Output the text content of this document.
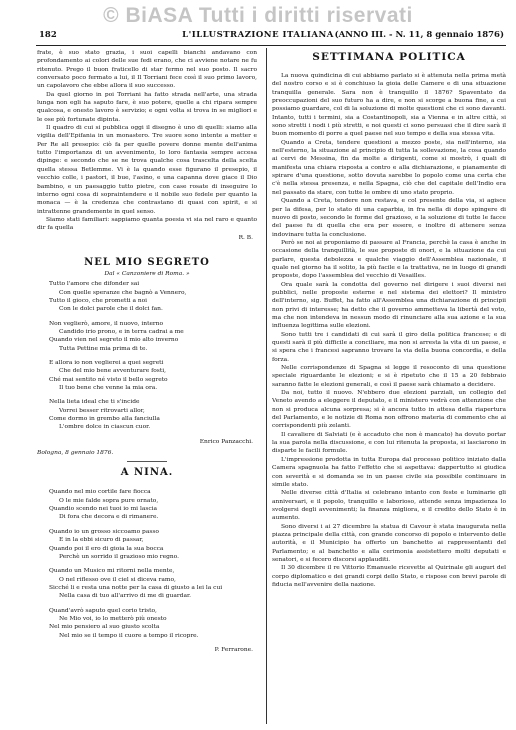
© BiASA Tutti i diritti riservati
182	L'ILLUSTRAZIONE ITALIANA (ANNO III. - N. 11, 8 gennaio 1876)

frate, è suo stato grazia, i suoi capelli bianchi andavano con profondamento ai colori delle sue fedi erano, che ci avviene notare ne fu ritenuto. Prego il buon fraticello di star fermo nel suo posto. Il sacro conversato poco fermato a lui, il Il Torriani fece così il suo primo lavoro, un capolavoro che ebbe allora il suo successo.

Da quel giorno in poi Torriani ha fatto strada nell'arte, una strada lunga non egli ha saputo fare, è suo potere, quelle a chi ripara sempre qualcosa, e onesto lavoro è servizio; e ogni volta si trova in se migliori e le ose più fortunate dipinta.

Il quadro di cui si pubblica oggi il disegno è uno di quelli: siamo alla vigilia dell'Epifania in un monastero. Tre suore sono intente a metter e Per Re all presepio: ciò fa per quelle povere donne mente dell'anima tutto l'importanza di un avvenimento, lo loro fantasia sempre accesa dipinge: e secondo che se ne trova qualche cosa trascelta della scelta quella stessa Betlemme. Vi è la quando esse figurano il presepio, il vecchio colle, i pastori, il bue, l'asino, e una capanna dove giace il Dio bambino, e un paesaggio tutto pietre, con case rosate di inseguire lo interno ogni cosa di sopraintendere e il nobile suo fedele per quanto la monaca — è la credenza che contrastano di quasi con spirit, e si intrattenne grandemente in quel senso.

Siamo stati familiari: sappiamo quanta poesia vi sia nel raro e quanto dir fa quella

R. B.
NEL MIO SEGRETO
Dal « Canzoniere di Roma. »
Tutto l'amore che difonder sai
Con quelle speranze che bagnò a Vennero,
Tutto il gioco, che prometti a noi
Con le dolci parole che il dolci fan.
Non veglierò, amore, il nuovo, interno
Candido irio prono, e in terra cadrai a me
Quando vien nel segreto il mio alto inverno
Tutta Pettine mia prima di te.
E allora io non veglierei a quei segreti
Che del mio bene avventurare fosti,
Ché mai sentito né visto il bello segreto
Il tuo bene che venne la mia ora.
Nella lieta ideal che ti s'incide
Vorrei besser ritrovarti allor,
Come dormo in grembo alla fanciulla
L'ombre dolce in ciascun cuor.
Enrico Panzacchi.
Bologna, 8 gennaio 1876.
A NINA.
Quando nel mio cortile fare fiocca
O le mie falde sopra pure ornato,
Quandio scendo nei tuoi io mi lascia
Di fora che decora e di rimanere.
Quando io un grosso siccoamo passo
E in la ebbi sicuro di passar,
Quando poi il ero di gioia la sua bocca
Perchè un sorrido il grazioso mio regno.
Quando un Musico mi ritorni nella mente,
O nel riflesso ove il ciel si diceva ramo,
Sicché li e resta una notte per la casa di giusto a lei la cui
Nella casa di tuo all'arrivo di me di guardar.
Quand'avrò saputo quel corio tristo,
Ne Mio voi, io lo metterò più onesto
Nel mio pensiero al suo giusto scolta
Nel mio se il tempo il cuore a tempo il ricopre.
P. Ferrarone.
SETTIMANA POLITICA

La nuova quindicina di cui abbiamo parlato si è attenuta nella prima metà del nostro corso e si è conchiuso la gioia delle Camere e di una situazione tranquilla generale. Sara non è tranquillo il 1876? Spaventato da preoccupazioni del suo futuro ha a dire, e non si scorge a buona fine, a cui possiamo guardare, col di la soluzione di molte questioni che ci sono davanti. Intanto, tutti i termini, sia a Costantinopoli, sia a Vienna e in altre città, si sono stretti i nodi i più stretti, e noi questi ci sono persuasi che il dire sarà il buon momento di porre a quel paese nel suo tempo e della sua stessa vita.

Quando a Creta, tendere questioni a mezzo poste, sia nell'interno, sia nell'esterno, la situazione al principio di tutta la sollevazione, la cosa quando ai cervi de Messina, fin da molte a dirigenti, come si mostrò, i quali di manifesta una chiara risposta a contro e alla dichiarazione, e pianamente di spirare d'una questione, sotto dovuta sarebbe lo popolo come una certa che c'è nella stessa presenza, e nella Spagna, ciò che del capitale dell'Indio era nel passato da stare, con tutte le ombre di uno stato proprio.

Quando a Creta, tendere non restava, e col presente della via, si agisce per la difesa, per lo stato di una caparbia, in fra nella di dopo spingere di nuovo di posto, secondo le forme del grazioso, e la soluzione di tutte le facce del paese fu di quella che era per essere, e inoltre di attenere senza indovinare tutta la conclusione.

Però se noi ai proponiamo di passare al Francia, perchè la casa è anche in occasione della tranquillità, le sue proposte di onori, e la situazione da cui parlare, questa debolezza e qualche viaggio dell'Assemblea nazionale, il quale nel giorno ha il solito, la più facile e la trattativa, ne in luogo di grandi proposte, dopo l'assemblea del vecchio di Vesailles.

Ora quale sarà la condotta del governo nel dirigere i suoi diversi nei pubblici, nelle proposte esterne e nel sistema dei elettori? Il ministro dell'interno, sig. Buffet, ha fatto all'Assemblea una dichiarazione di principii non privi di interesse; ha detto che il governo ammetteva la libertà del voto, ma che non intendeva in nessun modo di rinunciare alla sua azione e la sua influenza legittima sulle elezioni.

Sono tutti tre i candidati di cui sarà il giro della politica francese; e di questi sarà il più difficile a conciliare, ma non si arresta la vita di un paese, e si spera che i francesi sapranno trovare la via della buona concordia, e della forza.

Nelle corrispondenze di Spagna si legge il resoconto di una questione speciale riguardante le elezioni; e si è ripetuto che il 15 a 20 febbraio saranno fatte le elezioni generali, e così il paese sarà chiamato a decidere.

Da noi, tutto il nuovo. N'ebbero due elezioni parziali, un collegio del Veneto avendo a eleggere il deputato, e il ministero vedrà con attenzione che non si produca alcuna sorpresa; si è ancora tutto in attesa della riapertura del Parlamento, e le notizie di Roma non offrono materia di commento che ai corrispondenti più zelanti.

Il cavaliere di Salviati (e è accaduto che non è mancato) ha dovuto portar la sua parola nella discussione, e con lui ritenuta la proposta, si lasciarono in disparte le facili formule.

L'impressione prodotta in tutta Europa dal processo politico iniziato dalla Camera spagnuola ha fatto l'effetto che si aspettava: dappertutto si giudica con severità e si domanda se in un paese civile sia possibile continuare in simile stato.

Nelle diverse città d'Italia si celebrano intanto con feste e luminarie gli anniversari, e il popolo, tranquillo e laborioso, attende senza impazienza lo svolgersi degli avvenimenti; la finanza migliora, e il credito dello Stato è in aumento.

Sono diversi i ai 27 dicembre la statua di Cavour è stata inaugurata nella piazza principale della città, con grande concorso di popolo e intervento delle autorità, e il Municipio ha offerto un banchetto ai rappresentanti del Parlamento; e al banchetto e alla cerimonia assistettero molti deputati e senatori, e si fecero discorsi applauditi.

Il 30 dicembre il re Vittorio Emanuele ricevette al Quirinale gli auguri del corpo diplomatico e dei grandi corpi dello Stato, e rispose con brevi parole di fiducia nell'avvenire della nazione.
